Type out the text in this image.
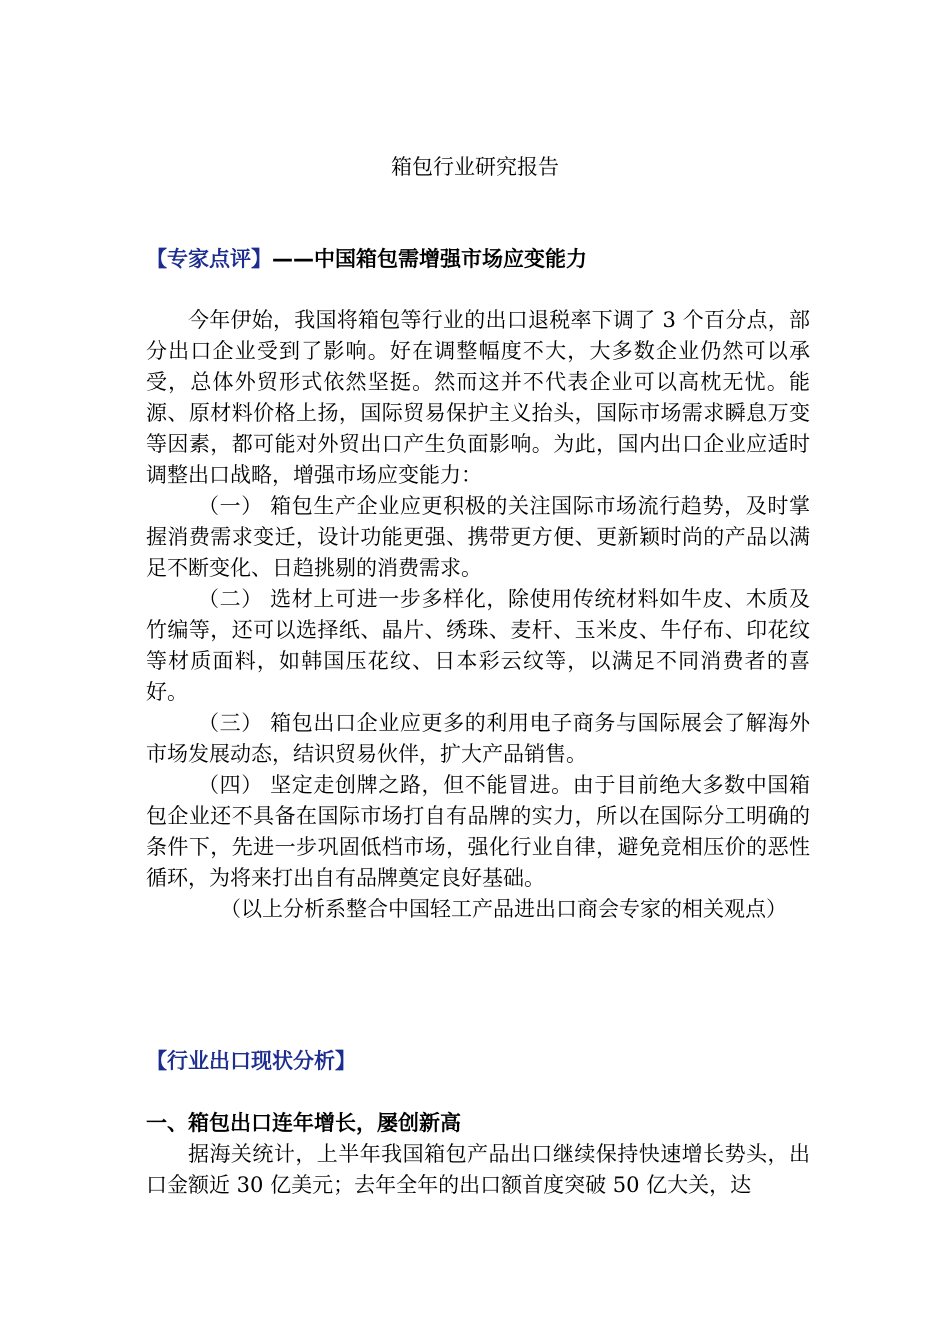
箱包行业研究报告
【专家点评】——中国箱包需增强市场应变能力

今年伊始，我国将箱包等行业的出口退税率下调了 3 个百分点，部分出口企业受到了影响。好在调整幅度不大，大多数企业仍然可以承受，总体外贸形式依然坚挺。然而这并不代表企业可以高枕无忧。能源、原材料价格上扬，国际贸易保护主义抬头，国际市场需求瞬息万变等因素，都可能对外贸出口产生负面影响。为此，国内出口企业应适时调整出口战略，增强市场应变能力：

（一） 箱包生产企业应更积极的关注国际市场流行趋势，及时掌握消费需求变迁，设计功能更强、携带更方便、更新颖时尚的产品以满足不断变化、日趋挑剔的消费需求。

（二） 选材上可进一步多样化，除使用传统材料如牛皮、木质及竹编等，还可以选择纸、晶片、绣珠、麦杆、玉米皮、牛仔布、印花纹等材质面料，如韩国压花纹、日本彩云纹等，以满足不同消费者的喜好。

（三） 箱包出口企业应更多的利用电子商务与国际展会了解海外市场发展动态，结识贸易伙伴，扩大产品销售。

（四） 坚定走创牌之路，但不能冒进。由于目前绝大多数中国箱包企业还不具备在国际市场打自有品牌的实力，所以在国际分工明确的条件下，先进一步巩固低档市场，强化行业自律，避免竞相压价的恶性循环，为将来打出自有品牌奠定良好基础。

（以上分析系整合中国轻工产品进出口商会专家的相关观点）

【行业出口现状分析】
一、箱包出口连年增长，屡创新高

据海关统计，上半年我国箱包产品出口继续保持快速增长势头，出口金额近 30 亿美元；去年全年的出口额首度突破 50 亿大关，达
